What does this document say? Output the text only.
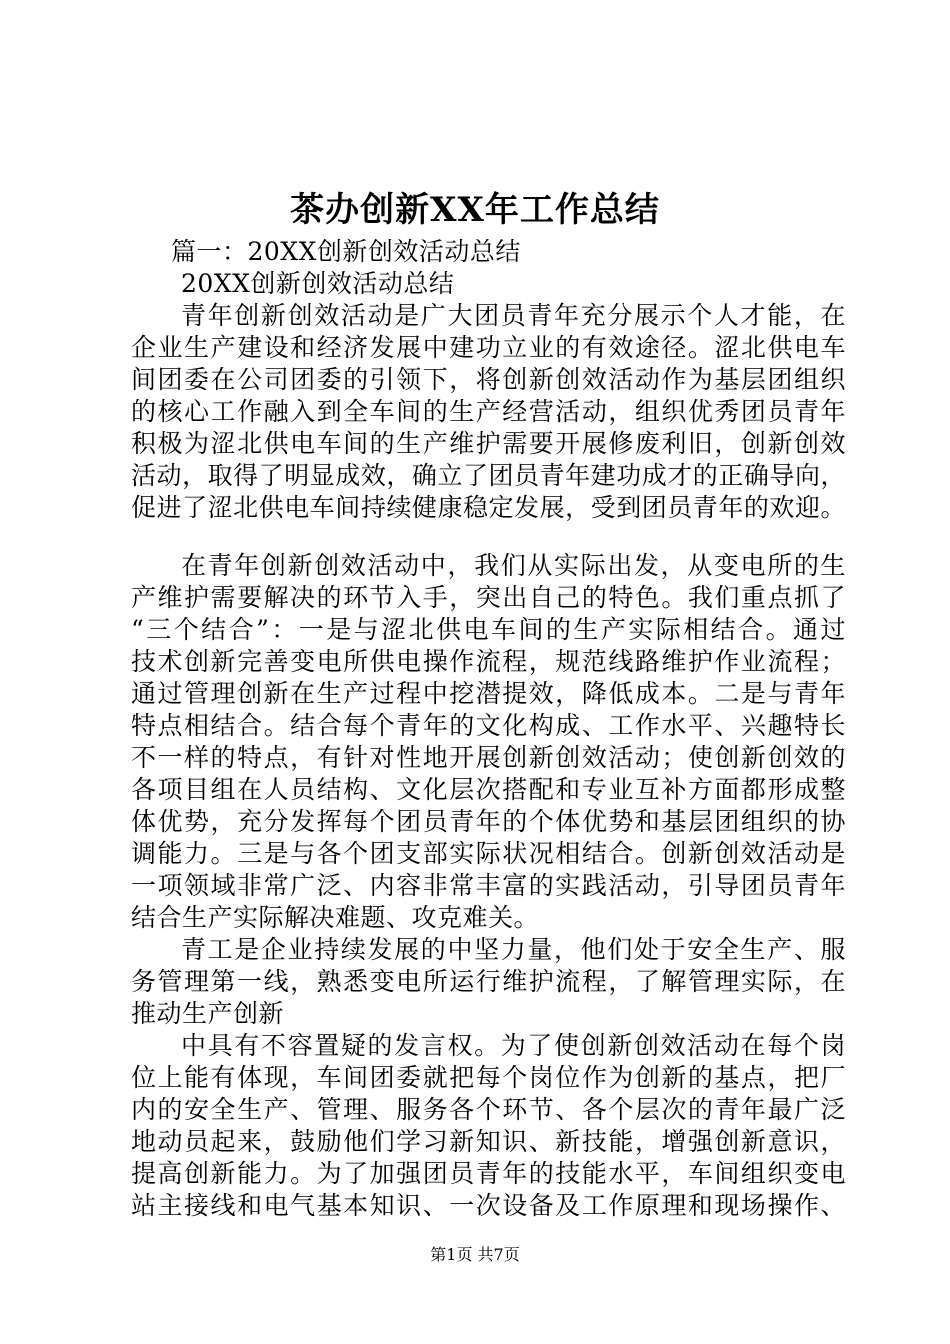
茶办创新XX年工作总结
篇一：20XX创新创效活动总结
20XX创新创效活动总结
青年创新创效活动是广大团员青年充分展示个人才能，在
企业生产建设和经济发展中建功立业的有效途径。涩北供电车
间团委在公司团委的引领下，将创新创效活动作为基层团组织
的核心工作融入到全车间的生产经营活动，组织优秀团员青年
积极为涩北供电车间的生产维护需要开展修废利旧，创新创效
活动，取得了明显成效，确立了团员青年建功成才的正确导向，
促进了涩北供电车间持续健康稳定发展，受到团员青年的欢迎。
在青年创新创效活动中，我们从实际出发，从变电所的生
产维护需要解决的环节入手，突出自己的特色。我们重点抓了
“三个结合”：一是与涩北供电车间的生产实际相结合。通过
技术创新完善变电所供电操作流程，规范线路维护作业流程；
通过管理创新在生产过程中挖潜提效，降低成本。二是与青年
特点相结合。结合每个青年的文化构成、工作水平、兴趣特长
不一样的特点，有针对性地开展创新创效活动；使创新创效的
各项目组在人员结构、文化层次搭配和专业互补方面都形成整
体优势，充分发挥每个团员青年的个体优势和基层团组织的协
调能力。三是与各个团支部实际状况相结合。创新创效活动是
一项领域非常广泛、内容非常丰富的实践活动，引导团员青年
结合生产实际解决难题、攻克难关。
青工是企业持续发展的中坚力量，他们处于安全生产、服
务管理第一线，熟悉变电所运行维护流程，了解管理实际，在
推动生产创新
中具有不容置疑的发言权。为了使创新创效活动在每个岗
位上能有体现，车间团委就把每个岗位作为创新的基点，把厂
内的安全生产、管理、服务各个环节、各个层次的青年最广泛
地动员起来，鼓励他们学习新知识、新技能，增强创新意识，
提高创新能力。为了加强团员青年的技能水平，车间组织变电
站主接线和电气基本知识、一次设备及工作原理和现场操作、
第1页 共7页
